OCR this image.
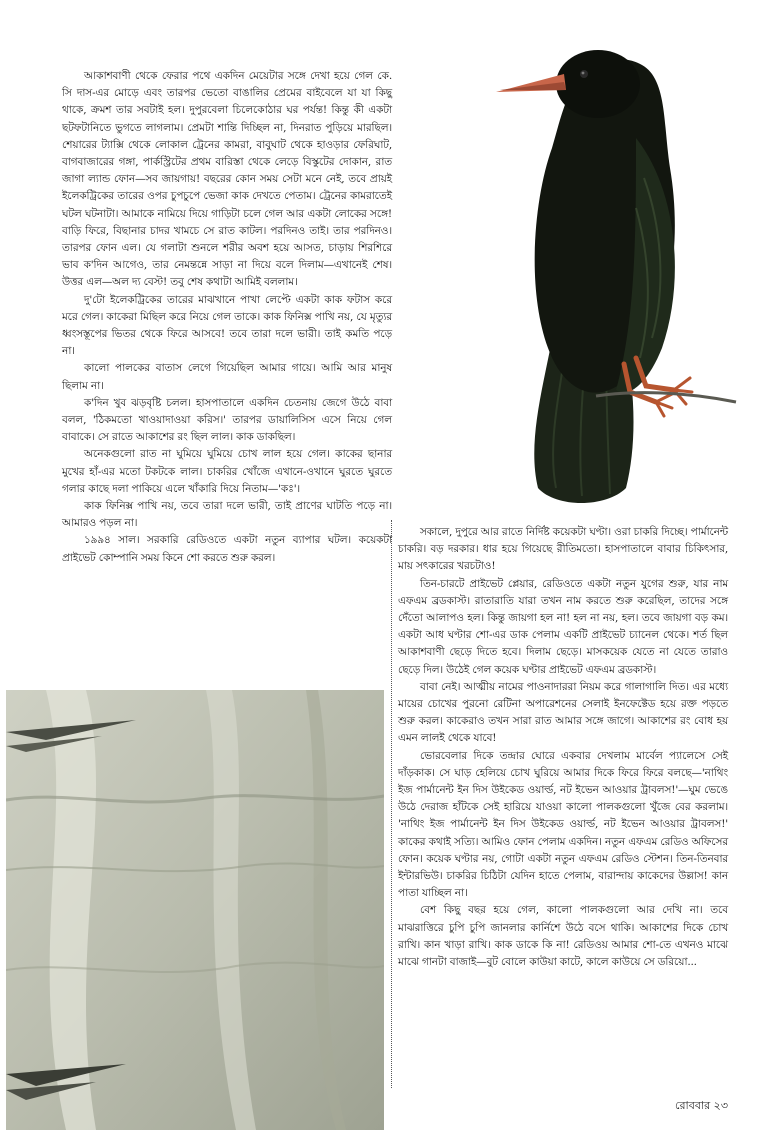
আকাশবাণী থেকে ফেরার পথে একদিন মেয়েটার সঙ্গে দেখা হয়ে গেল কে. সি দাস-এর মোড়ে এবং তারপর ভেতো বাঙালির প্রেমের বাইবেলে যা যা কিছু থাকে, ক্রমশ তার সবটাই হল। দুপুরবেলা চিলেকোঠার ঘর পর্যন্ত! কিন্তু কী একটা ছটফটানিতে ভুগতে লাগলাম। প্রেমটা শান্তি দিচ্ছিল না, দিনরাত পুড়িয়ে মারছিল। শেয়ারের ট্যাক্সি থেকে লোকাল ট্রেনের কামরা, বাবুঘাট থেকে হাওড়ার ফেরিঘাট, বাগবাজারের গঙ্গা, পার্কস্ট্রিটের প্রথম বারিস্তা থেকে লেড়ে বিস্কুটের দোকান, রাত জাগা ল্যান্ড ফোন—সব জায়গায়! বছরের কোন সময় সেটা মনে নেই, তবে প্রায়ই ইলেকট্রিকের তারের ওপর চুপচুপে ভেজা কাক দেখতে পেতাম। ট্রেনের কামরাতেই ঘটল ঘটনাটা। আমাকে নামিয়ে দিয়ে গাড়িটা চলে গেল আর একটা লোকের সঙ্গে! বাড়ি ফিরে, বিছানার চাদর খামচে সে রাত কাটল। পরদিনও তাই। তার পরদিনও। তারপর ফোন এল। যে গলাটা শুনলে শরীর অবশ হয়ে আসত, চাড়ায় শিরশিরে ভাব ক'দিন আগেও, তার নেমন্তন্নে সাড়া না দিয়ে বলে দিলাম—এখানেই শেষ। উত্তর এল—অল দ্য বেস্ট! তবু শেষ কথাটা আমিই বললাম।

দু'টো ইলেকট্রিকের তারের মাঝখানে পাখা লেপ্টে একটা কাক ফটাস করে মরে গেল। কাকেরা মিছিল করে নিয়ে গেল তাকে। কাক ফিনিক্স পাখি নয়, যে মৃত্যুর ধ্বংসস্তূপের ভিতর থেকে ফিরে আসবে! তবে তারা দলে ভারী। তাই কমতি পড়ে না।

কালো পালকের বাতাস লেগে গিয়েছিল আমার গায়ে। আমি আর মানুষ ছিলাম না।

ক'দিন খুব ঝড়বৃষ্টি চলল। হাসপাতালে একদিন চেতনায় জেগে উঠে বাবা বলল, 'ঠিকমতো খাওয়াদাওয়া করিস।' তারপর ডায়ালিসিস এসে নিয়ে গেল বাবাকে। সে রাতে আকাশের রং ছিল লাল। কাক ডাকছিল।

অনেকগুলো রাত না ঘুমিয়ে ঘুমিয়ে চোখ লাল হয়ে গেল। কাকের ছানার মুখের হাঁ-এর মতো টকটকে লাল। চাকরির খোঁজে এখানে-ওখানে ঘুরতে ঘুরতে গলার কাছে দলা পাকিয়ে এলে খাঁকারি দিয়ে নিতাম—'কঃ'।

কাক ফিনিক্স পাখি নয়, তবে তারা দলে ভারী, তাই প্রাণের ঘাটতি পড়ে না। আমারও পড়ল না।

১৯৯৪ সাল। সরকারি রেডিওতে একটা নতুন ব্যাপার ঘটল। কয়েকটা প্রাইভেট কোম্পানি সময় কিনে শো করতে শুরু করল।

সকালে, দুপুরে আর রাতে নির্দিষ্ট কয়েকটা ঘণ্টা। ওরা চাকরি দিচ্ছে। পার্মানেন্ট চাকরি। বড় দরকার। ধার হয়ে গিয়েছে রীতিমতো। হাসপাতালে বাবার চিকিৎসার, মায় সৎকারের খরচটাও!

তিন-চারটে প্রাইভেট প্লেয়ার, রেডিওতে একটা নতুন যুগের শুরু, যার নাম এফএম ব্রডকাস্ট। রাতারাতি যারা তখন নাম করতে শুরু করেছিল, তাদের সঙ্গে দেঁতো আলাপও হল। কিন্তু জায়গা হল না! হল না নয়, হল। তবে জায়গা বড় কম। একটা আধ ঘণ্টার শো-এর ডাক পেলাম একটি প্রাইভেট চ্যানেল থেকে। শর্ত ছিল আকাশবাণী ছেড়ে দিতে হবে। দিলাম ছেড়ে। মাসকয়েক যেতে না যেতে তারাও ছেড়ে দিল। উঠেই গেল কয়েক ঘণ্টার প্রাইভেট এফএম ব্রডকাস্ট।

বাবা নেই। আত্মীয় নামের পাওনাদাররা নিয়ম করে গালাগালি দিত। এর মধ্যে মায়ের চোখের পুরনো রেটিনা অপারেশনের সেলাই ইনফেক্টেড হয়ে রক্ত পড়তে শুরু করল। কাকেরাও তখন সারা রাত আমার সঙ্গে জাগে। আকাশের রং বোধ হয় এমন লালই থেকে যাবে!

ভোরবেলার দিকে তন্দ্রার ঘোরে একবার দেখলাম মার্বেল প্যালেসে সেই দাঁড়কাক। সে ঘাড় হেলিয়ে চোখ ঘুরিয়ে আমার দিকে ফিরে ফিরে বলছে—'নাথিং ইজ পার্মানেন্ট ইন দিস উইকেড ওয়ার্ল্ড, নট ইভেন আওয়ার ট্রাবলস!'—ঘুম ভেঙে উঠে দেরাজ হাঁটকে সেই হারিয়ে যাওয়া কালো পালকগুলো খুঁজে বের করলাম। 'নাথিং ইজ পার্মানেন্ট ইন দিস উইকেড ওয়ার্ল্ড, নট ইভেন আওয়ার ট্রাবলস!' কাকের কথাই সত্যি। আমিও ফোন পেলাম একদিন। নতুন এফএম রেডিও অফিসের ফোন। কয়েক ঘণ্টার নয়, গোটা একটা নতুন এফএম রেডিও স্টেশন। তিন-তিনবার ইন্টারভিউ। চাকরির চিঠিটা যেদিন হাতে পেলাম, বারান্দায় কাকেদের উল্লাস! কান পাতা যাচ্ছিল না।

বেশ কিছু বছর হয়ে গেল, কালো পালকগুলো আর দেখি না। তবে মাঝরাত্তিরে চুপি চুপি জানলার কার্নিশে উঠে বসে থাকি। আকাশের দিকে চোখ রাখি। কান খাড়া রাখি। কাক ডাকে কি না! রেডিওয় আমার শো-তে এখনও মাঝে মাঝে গানটা বাজাই—বুট বোলে কাউয়া কাটে, কালে কাউয়ে সে ডরিয়ো...

রোববার ২৩
